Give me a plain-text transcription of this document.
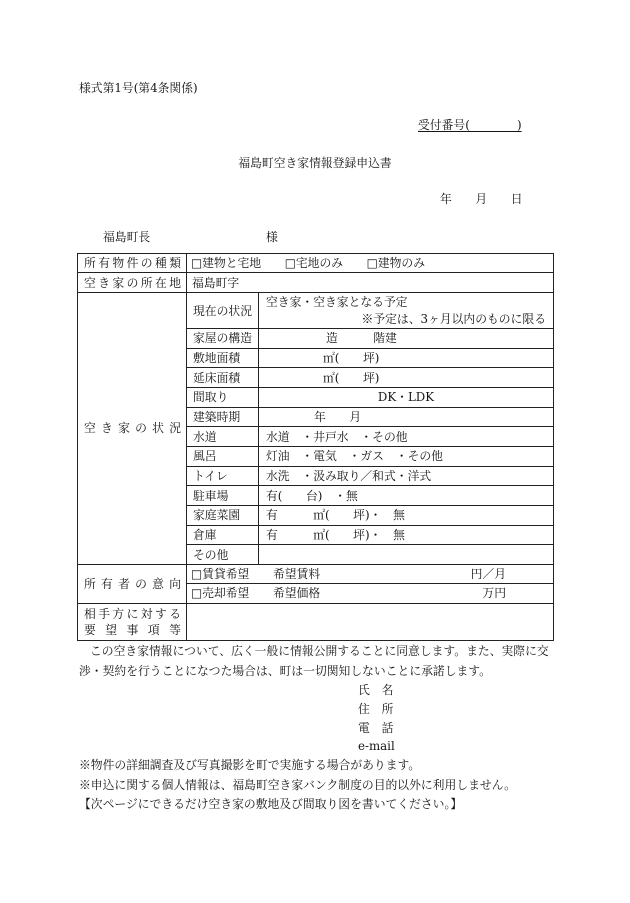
様式第1号(第4条関係)
受付番号(　　　　)
福島町空き家情報登録申込書
年　　月　　日
福島町長	様
所有物件の種類	□建物と宅地　　□宅地のみ　　□建物のみ	

空き家の所在地	福島町字	

空き家の状況	現在の状況	空き家・空き家となる予定
※予定は、3ヶ月以内のものに限る

	家屋の構造	造　　　階建
	敷地面積	㎡(　　坪)
	延床面積	㎡(　　坪)
	間取り	DK・LDK
	建築時期	年　　月
	水道	水道　・井戸水　・その他
	風呂	灯油　・電気　・ガス　・その他
	トイレ	水洗　・汲み取り／和式・洋式
	駐車場	有(　　台)　・無
	家庭菜園	有　　　㎡(　　坪)・　無
	倉庫	有　　　㎡(　　坪)・　無
	その他	

所有者の意向	□賃貸希望 希望賃料 円／月	

	□売却希望 希望価格 万円	

相手方に対する
要望事項等		

この空き家情報について、広く一般に情報公開することに同意します。また、実際に交
渉・契約を行うことになつた場合は、町は一切関知しないことに承諾します。
氏　名
住　所
電　話
e-mail
※物件の詳細調査及び写真撮影を町で実施する場合があります。
※申込に関する個人情報は、福島町空き家バンク制度の目的以外に利用しません。
【次ページにできるだけ空き家の敷地及び間取り図を書いてください。】
